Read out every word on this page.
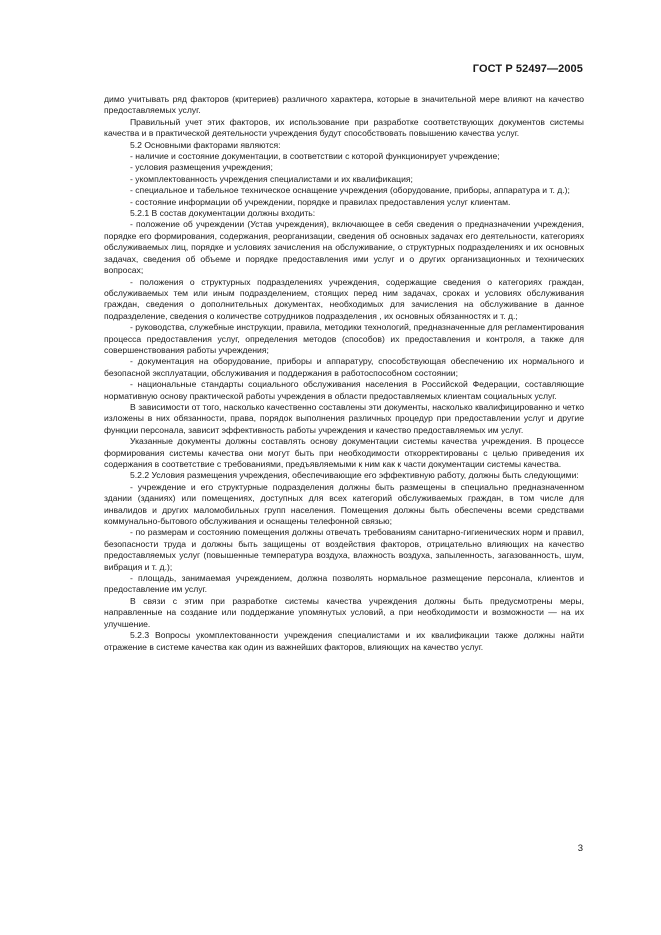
ГОСТ Р 52497—2005

димо учитывать ряд факторов (критериев) различного характера, которые в значительной мере влияют на качество предоставляемых услуг.

Правильный учет этих факторов, их использование при разработке соответствующих документов системы качества и в практической деятельности учреждения будут способствовать повышению качества услуг.

5.2 Основными факторами являются:

- наличие и состояние документации, в соответствии с которой функционирует учреждение;

- условия размещения учреждения;

- укомплектованность учреждения специалистами и их квалификация;

- специальное и табельное техническое оснащение учреждения (оборудование, приборы, аппаратура и т. д.);

- состояние информации об учреждении, порядке и правилах предоставления услуг клиентам.

5.2.1 В состав документации должны входить:

- положение об учреждении (Устав учреждения), включающее в себя сведения о предназначении учреждения, порядке его формирования, содержания, реорганизации, сведения об основных задачах его деятельности, категориях обслуживаемых лиц, порядке и условиях зачисления на обслуживание, о структурных подразделениях и их основных задачах, сведения об объеме и порядке предоставления ими услуг и о других организационных и технических вопросах;

- положения о структурных подразделениях учреждения, содержащие сведения о категориях граждан, обслуживаемых тем или иным подразделением, стоящих перед ним задачах, сроках и условиях обслуживания граждан, сведения о дополнительных документах, необходимых для зачисления на обслуживание в данное подразделение, сведения о количестве сотрудников подразделения , их основных обязанностях и т. д.;

- руководства, служебные инструкции, правила, методики технологий, предназначенные для регламентирования процесса предоставления услуг, определения методов (способов) их предоставления и контроля, а также для совершенствования работы учреждения;

- документация на оборудование, приборы и аппаратуру, способствующая обеспечению их нормального и безопасной эксплуатации, обслуживания и поддержания в работоспособном состоянии;

- национальные стандарты социального обслуживания населения в Российской Федерации, составляющие нормативную основу практической работы учреждения в области предоставляемых клиентам социальных услуг.

В зависимости от того, насколько качественно составлены эти документы, насколько квалифицированно и четко изложены в них обязанности, права, порядок выполнения различных процедур при предоставлении услуг и другие функции персонала, зависит эффективность работы учреждения и качество предоставляемых им услуг.

Указанные документы должны составлять основу документации системы качества учреждения. В процессе формирования системы качества они могут быть при необходимости откорректированы с целью приведения их содержания в соответствие с требованиями, предъявляемыми к ним как к части документации системы качества.

5.2.2 Условия размещения учреждения, обеспечивающие его эффективную работу, должны быть следующими:

- учреждение и его структурные подразделения должны быть размещены в специально предназначенном здании (зданиях) или помещениях, доступных для всех категорий обслуживаемых граждан, в том числе для инвалидов и других маломобильных групп населения. Помещения должны быть обеспечены всеми средствами коммунально-бытового обслуживания и оснащены телефонной связью;

- по размерам и состоянию помещения должны отвечать требованиям санитарно-гигиенических норм и правил, безопасности труда и должны быть защищены от воздействия факторов, отрицательно влияющих на качество предоставляемых услуг (повышенные температура воздуха, влажность воздуха, запыленность, загазованность, шум, вибрация и т. д.);

- площадь, занимаемая учреждением, должна позволять нормальное размещение персонала, клиентов и предоставление им услуг.

В связи с этим при разработке системы качества учреждения должны быть предусмотрены меры, направленные на создание или поддержание упомянутых условий, а при необходимости и возможности — на их улучшение.

5.2.3 Вопросы укомплектованности учреждения специалистами и их квалификации также должны найти отражение в системе качества как один из важнейших факторов, влияющих на качество услуг.

3
